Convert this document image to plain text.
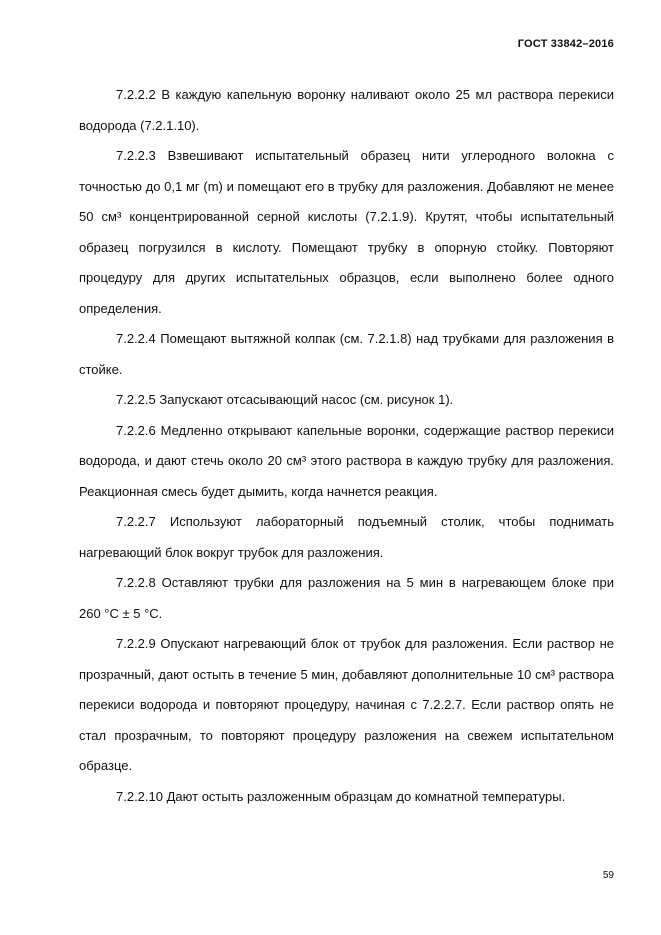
ГОСТ 33842–2016

7.2.2.2 В каждую капельную воронку наливают около 25 мл раствора перекиси водорода (7.2.1.10).

7.2.2.3 Взвешивают испытательный образец нити углеродного волокна с точностью до 0,1 мг (m) и помещают его в трубку для разложения. Добавляют не менее 50 см³ концентрированной серной кислоты (7.2.1.9). Крутят, чтобы испытательный образец погрузился в кислоту. Помещают трубку в опорную стойку. Повторяют процедуру для других испытательных образцов, если выполнено более одного определения.

7.2.2.4 Помещают вытяжной колпак (см. 7.2.1.8) над трубками для разложения в стойке.

7.2.2.5 Запускают отсасывающий насос (см. рисунок 1).

7.2.2.6 Медленно открывают капельные воронки, содержащие раствор перекиси водорода, и дают стечь около 20 см³ этого раствора в каждую трубку для разложения. Реакционная смесь будет дымить, когда начнется реакция.

7.2.2.7 Используют лабораторный подъемный столик, чтобы поднимать нагревающий блок вокруг трубок для разложения.

7.2.2.8 Оставляют трубки для разложения на 5 мин в нагревающем блоке при 260 °С ± 5 °С.

7.2.2.9 Опускают нагревающий блок от трубок для разложения. Если раствор не прозрачный, дают остыть в течение 5 мин, добавляют дополнительные 10 см³ раствора перекиси водорода и повторяют процедуру, начиная с 7.2.2.7. Если раствор опять не стал прозрачным, то повторяют процедуру разложения на свежем испытательном образце.

7.2.2.10 Дают остыть разложенным образцам до комнатной температуры.

59
